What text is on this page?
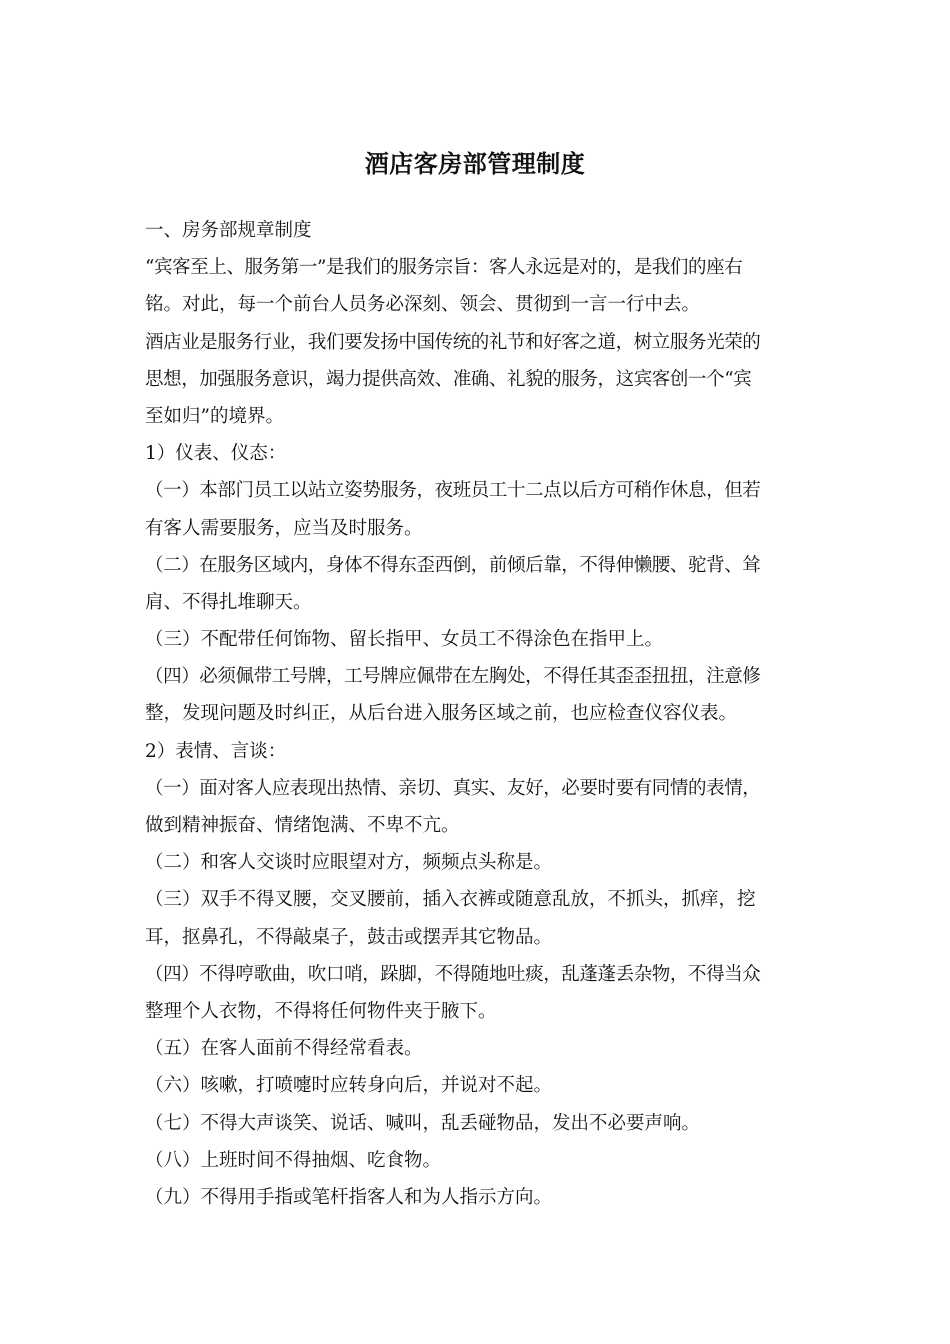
酒店客房部管理制度
一、房务部规章制度
“宾客至上、服务第一”是我们的服务宗旨：客人永远是对的，是我们的座右
铭。对此，每一个前台人员务必深刻、领会、贯彻到一言一行中去。
酒店业是服务行业，我们要发扬中国传统的礼节和好客之道，树立服务光荣的
思想，加强服务意识，竭力提供高效、准确、礼貌的服务，这宾客创一个“宾
至如归”的境界。
1）仪表、仪态：
（一）本部门员工以站立姿势服务，夜班员工十二点以后方可稍作休息，但若
有客人需要服务，应当及时服务。
（二）在服务区域内，身体不得东歪西倒，前倾后靠，不得伸懒腰、驼背、耸
肩、不得扎堆聊天。
（三）不配带任何饰物、留长指甲、女员工不得涂色在指甲上。
（四）必须佩带工号牌，工号牌应佩带在左胸处，不得任其歪歪扭扭，注意修
整，发现问题及时纠正，从后台进入服务区域之前，也应检查仪容仪表。
2）表情、言谈：
（一）面对客人应表现出热情、亲切、真实、友好，必要时要有同情的表情，
做到精神振奋、情绪饱满、不卑不亢。
（二）和客人交谈时应眼望对方，频频点头称是。
（三）双手不得叉腰，交叉腰前，插入衣裤或随意乱放，不抓头，抓痒，挖
耳，抠鼻孔，不得敲桌子，鼓击或摆弄其它物品。
（四）不得哼歌曲，吹口哨，跺脚，不得随地吐痰，乱蓬蓬丢杂物，不得当众
整理个人衣物，不得将任何物件夹于腋下。
（五）在客人面前不得经常看表。
（六）咳嗽，打喷嚏时应转身向后，并说对不起。
（七）不得大声谈笑、说话、喊叫，乱丢碰物品，发出不必要声响。
（八）上班时间不得抽烟、吃食物。
（九）不得用手指或笔杆指客人和为人指示方向。
